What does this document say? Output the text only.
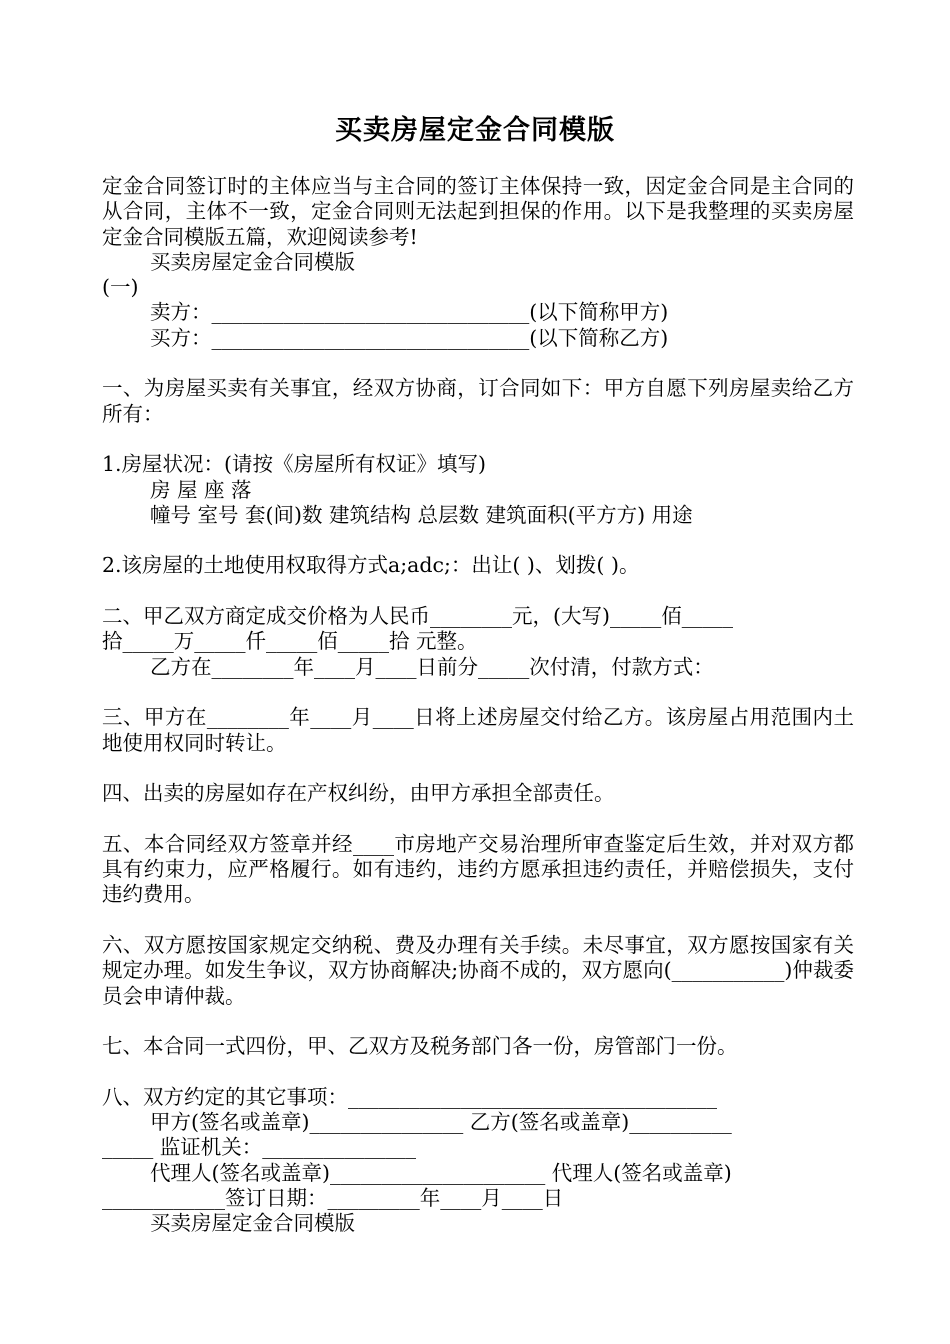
买卖房屋定金合同模版
定金合同签订时的主体应当与主合同的签订主体保持一致，因定金合同是主合同的从合同，主体不一致，定金合同则无法起到担保的作用。以下是我整理的买卖房屋定金合同模版五篇，欢迎阅读参考!
买卖房屋定金合同模版
(一)
卖方：_______________________________(以下简称甲方)
买方：_______________________________(以下简称乙方)
一、为房屋买卖有关事宜，经双方协商，订合同如下：甲方自愿下列房屋卖给乙方所有：
1.房屋状况：(请按《房屋所有权证》填写)
房 屋 座 落
幢号 室号 套(间)数 建筑结构 总层数 建筑面积(平方方) 用途
2.该房屋的土地使用权取得方式a;adc;：出让( )、划拨( )。
二、甲乙双方商定成交价格为人民币________元，(大写)_____佰_____
拾_____万_____仟_____佰_____拾 元整。
乙方在________年____月____日前分_____次付清，付款方式：
三、甲方在________年____月____日将上述房屋交付给乙方。该房屋占用范围内土地使用权同时转让。
四、出卖的房屋如存在产权纠纷，由甲方承担全部责任。
五、本合同经双方签章并经____市房地产交易治理所审查鉴定后生效，并对双方都具有约束力，应严格履行。如有违约，违约方愿承担违约责任，并赔偿损失，支付违约费用。
六、双方愿按国家规定交纳税、费及办理有关手续。未尽事宜，双方愿按国家有关规定办理。如发生争议，双方协商解决;协商不成的，双方愿向(___________)仲裁委员会申请仲裁。
七、本合同一式四份，甲、乙双方及税务部门各一份，房管部门一份。
八、双方约定的其它事项：____________________________________
甲方(签名或盖章)_______________ 乙方(签名或盖章)__________
_____ 监证机关：_______________
代理人(签名或盖章)_____________________ 代理人(签名或盖章)
____________签订日期：_________年____月____日
买卖房屋定金合同模版
